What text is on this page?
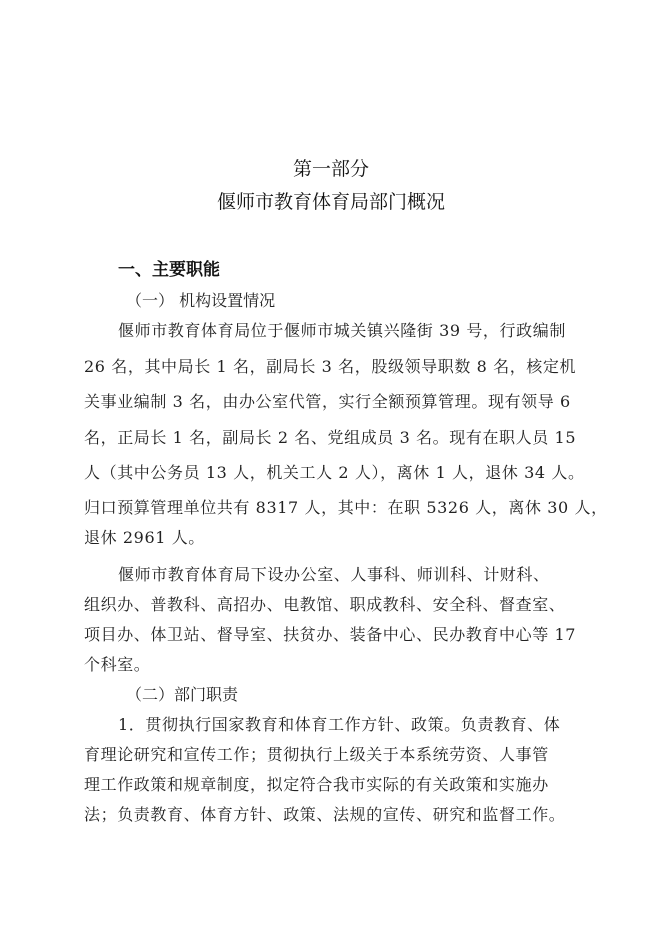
第一部分
偃师市教育体育局部门概况
一、主要职能
（一） 机构设置情况
偃师市教育体育局位于偃师市城关镇兴隆街 39 号，行政编制
26 名，其中局长 1 名，副局长 3 名，股级领导职数 8 名，核定机
关事业编制 3 名，由办公室代管，实行全额预算管理。现有领导 6
名，正局长 1 名，副局长 2 名、党组成员 3 名。现有在职人员 15
人（其中公务员 13 人，机关工人 2 人），离休 1 人，退休 34 人。
归口预算管理单位共有 8317 人，其中：在职 5326 人，离休 30 人，
退休 2961 人。
偃师市教育体育局下设办公室、人事科、师训科、计财科、
组织办、普教科、高招办、电教馆、职成教科、安全科、督查室、
项目办、体卫站、督导室、扶贫办、装备中心、民办教育中心等 17
个科室。
（二）部门职责
1．贯彻执行国家教育和体育工作方针、政策。负责教育、体
育理论研究和宣传工作；贯彻执行上级关于本系统劳资、人事管
理工作政策和规章制度，拟定符合我市实际的有关政策和实施办
法；负责教育、体育方针、政策、法规的宣传、研究和监督工作。
